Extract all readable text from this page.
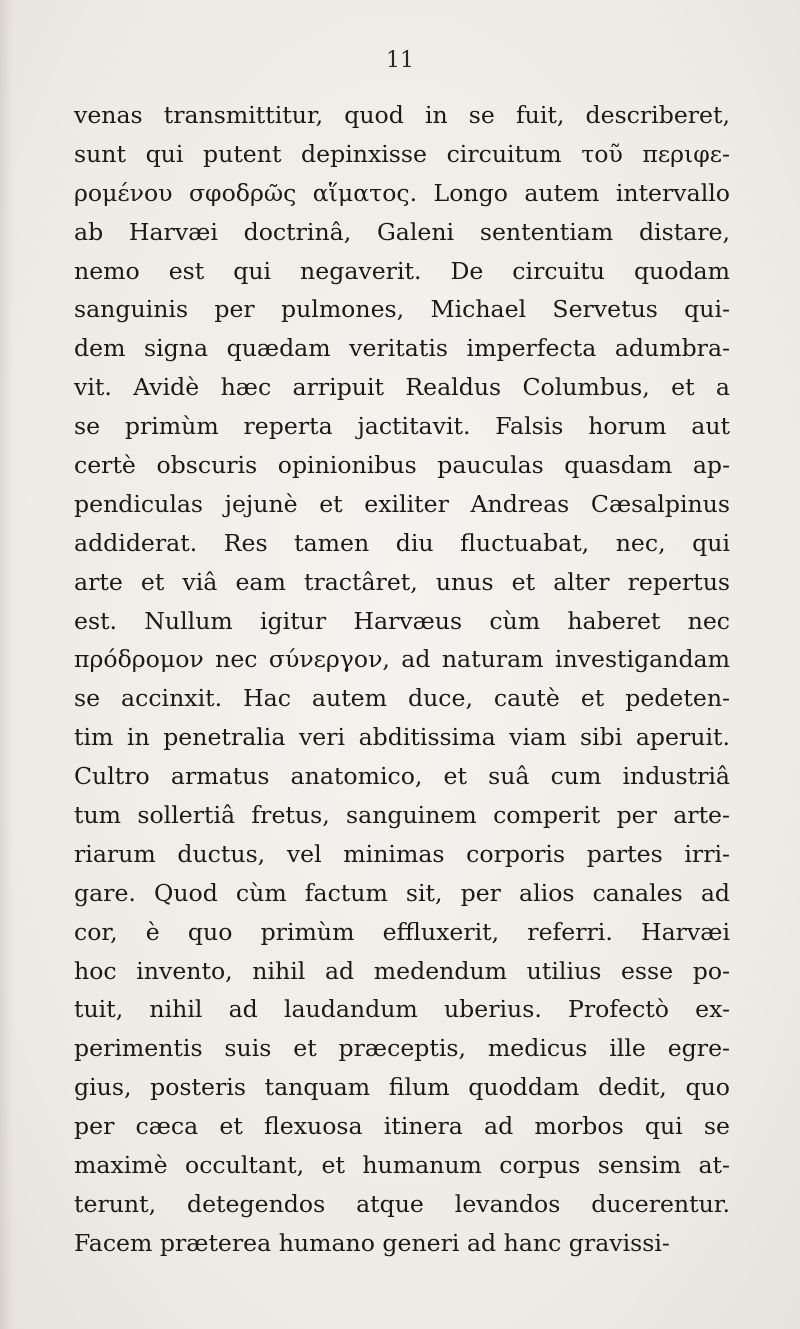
11
venas transmittitur, quod in se fuit, describeret,
sunt qui putent depinxisse circuitum τοῦ περιφε-
ρομένου σφοδρῶς αἵματος. Longo autem intervallo
ab Harvæi doctrinâ, Galeni sententiam distare,
nemo est qui negaverit. De circuitu quodam
sanguinis per pulmones, Michael Servetus qui-
dem signa quædam veritatis imperfecta adumbra-
vit. Avidè hæc arripuit Realdus Columbus, et a
se primùm reperta jactitavit. Falsis horum aut
certè obscuris opinionibus pauculas quasdam ap-
pendiculas jejunè et exiliter Andreas Cæsalpinus
addiderat. Res tamen diu fluctuabat, nec, qui
arte et viâ eam tractâret, unus et alter repertus
est. Nullum igitur Harvæus cùm haberet nec
πρόδρομον nec σύνεργον, ad naturam investigandam
se accinxit. Hac autem duce, cautè et pedeten-
tim in penetralia veri abditissima viam sibi aperuit.
Cultro armatus anatomico, et suâ cum industriâ
tum sollertiâ fretus, sanguinem comperit per arte-
riarum ductus, vel minimas corporis partes irri-
gare. Quod cùm factum sit, per alios canales ad
cor, è quo primùm effluxerit, referri. Harvæi
hoc invento, nihil ad medendum utilius esse po-
tuit, nihil ad laudandum uberius. Profectò ex-
perimentis suis et præceptis, medicus ille egre-
gius, posteris tanquam filum quoddam dedit, quo
per cæca et flexuosa itinera ad morbos qui se
maximè occultant, et humanum corpus sensim at-
terunt, detegendos atque levandos ducerentur.
Facem præterea humano generi ad hanc gravissi-
